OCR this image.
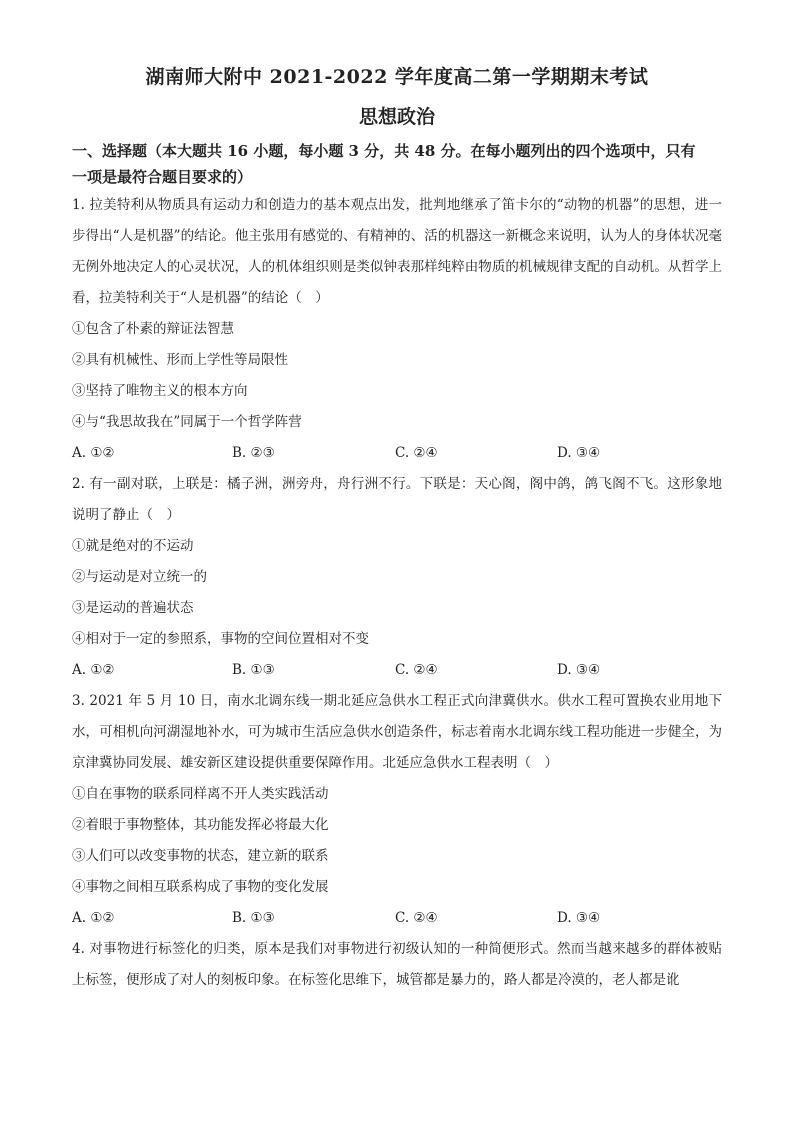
湖南师大附中 2021-2022 学年度高二第一学期期末考试
思想政治
一、选择题（本大题共 16 小题，每小题 3 分，共 48 分。在每小题列出的四个选项中，只有
一项是最符合题目要求的）
1. 拉美特利从物质具有运动力和创造力的基本观点出发，批判地继承了笛卡尔的“动物的机器”的思想，进一步得出“人是机器”的结论。他主张用有感觉的、有精神的、活的机器这一新概念来说明，认为人的身体状况毫无例外地决定人的心灵状况，人的机体组织则是类似钟表那样纯粹由物质的机械规律支配的自动机。从哲学上看，拉美特利关于“人是机器”的结论（　）
①包含了朴素的辩证法智慧
②具有机械性、形而上学性等局限性
③坚持了唯物主义的根本方向
④与“我思故我在”同属于一个哲学阵营
A. ①②	B. ②③	C. ②④	D. ③④
2. 有一副对联，上联是：橘子洲，洲旁舟，舟行洲不行。下联是：天心阁，阁中鸽，鸽飞阁不飞。这形象地说明了静止（　）
①就是绝对的不运动
②与运动是对立统一的
③是运动的普遍状态
④相对于一定的参照系，事物的空间位置相对不变
A. ①②	B. ①③	C. ②④	D. ③④
3. 2021 年 5 月 10 日，南水北调东线一期北延应急供水工程正式向津冀供水。供水工程可置换农业用地下水，可相机向河湖湿地补水，可为城市生活应急供水创造条件，标志着南水北调东线工程功能进一步健全，为京津冀协同发展、雄安新区建设提供重要保障作用。北延应急供水工程表明（　）
①自在事物的联系同样离不开人类实践活动
②着眼于事物整体，其功能发挥必将最大化
③人们可以改变事物的状态，建立新的联系
④事物之间相互联系构成了事物的变化发展
A. ①②	B. ①③	C. ②④	D. ③④
4. 对事物进行标签化的归类，原本是我们对事物进行初级认知的一种简便形式。然而当越来越多的群体被贴上标签，便形成了对人的刻板印象。在标签化思维下，城管都是暴力的，路人都是冷漠的，老人都是讹
